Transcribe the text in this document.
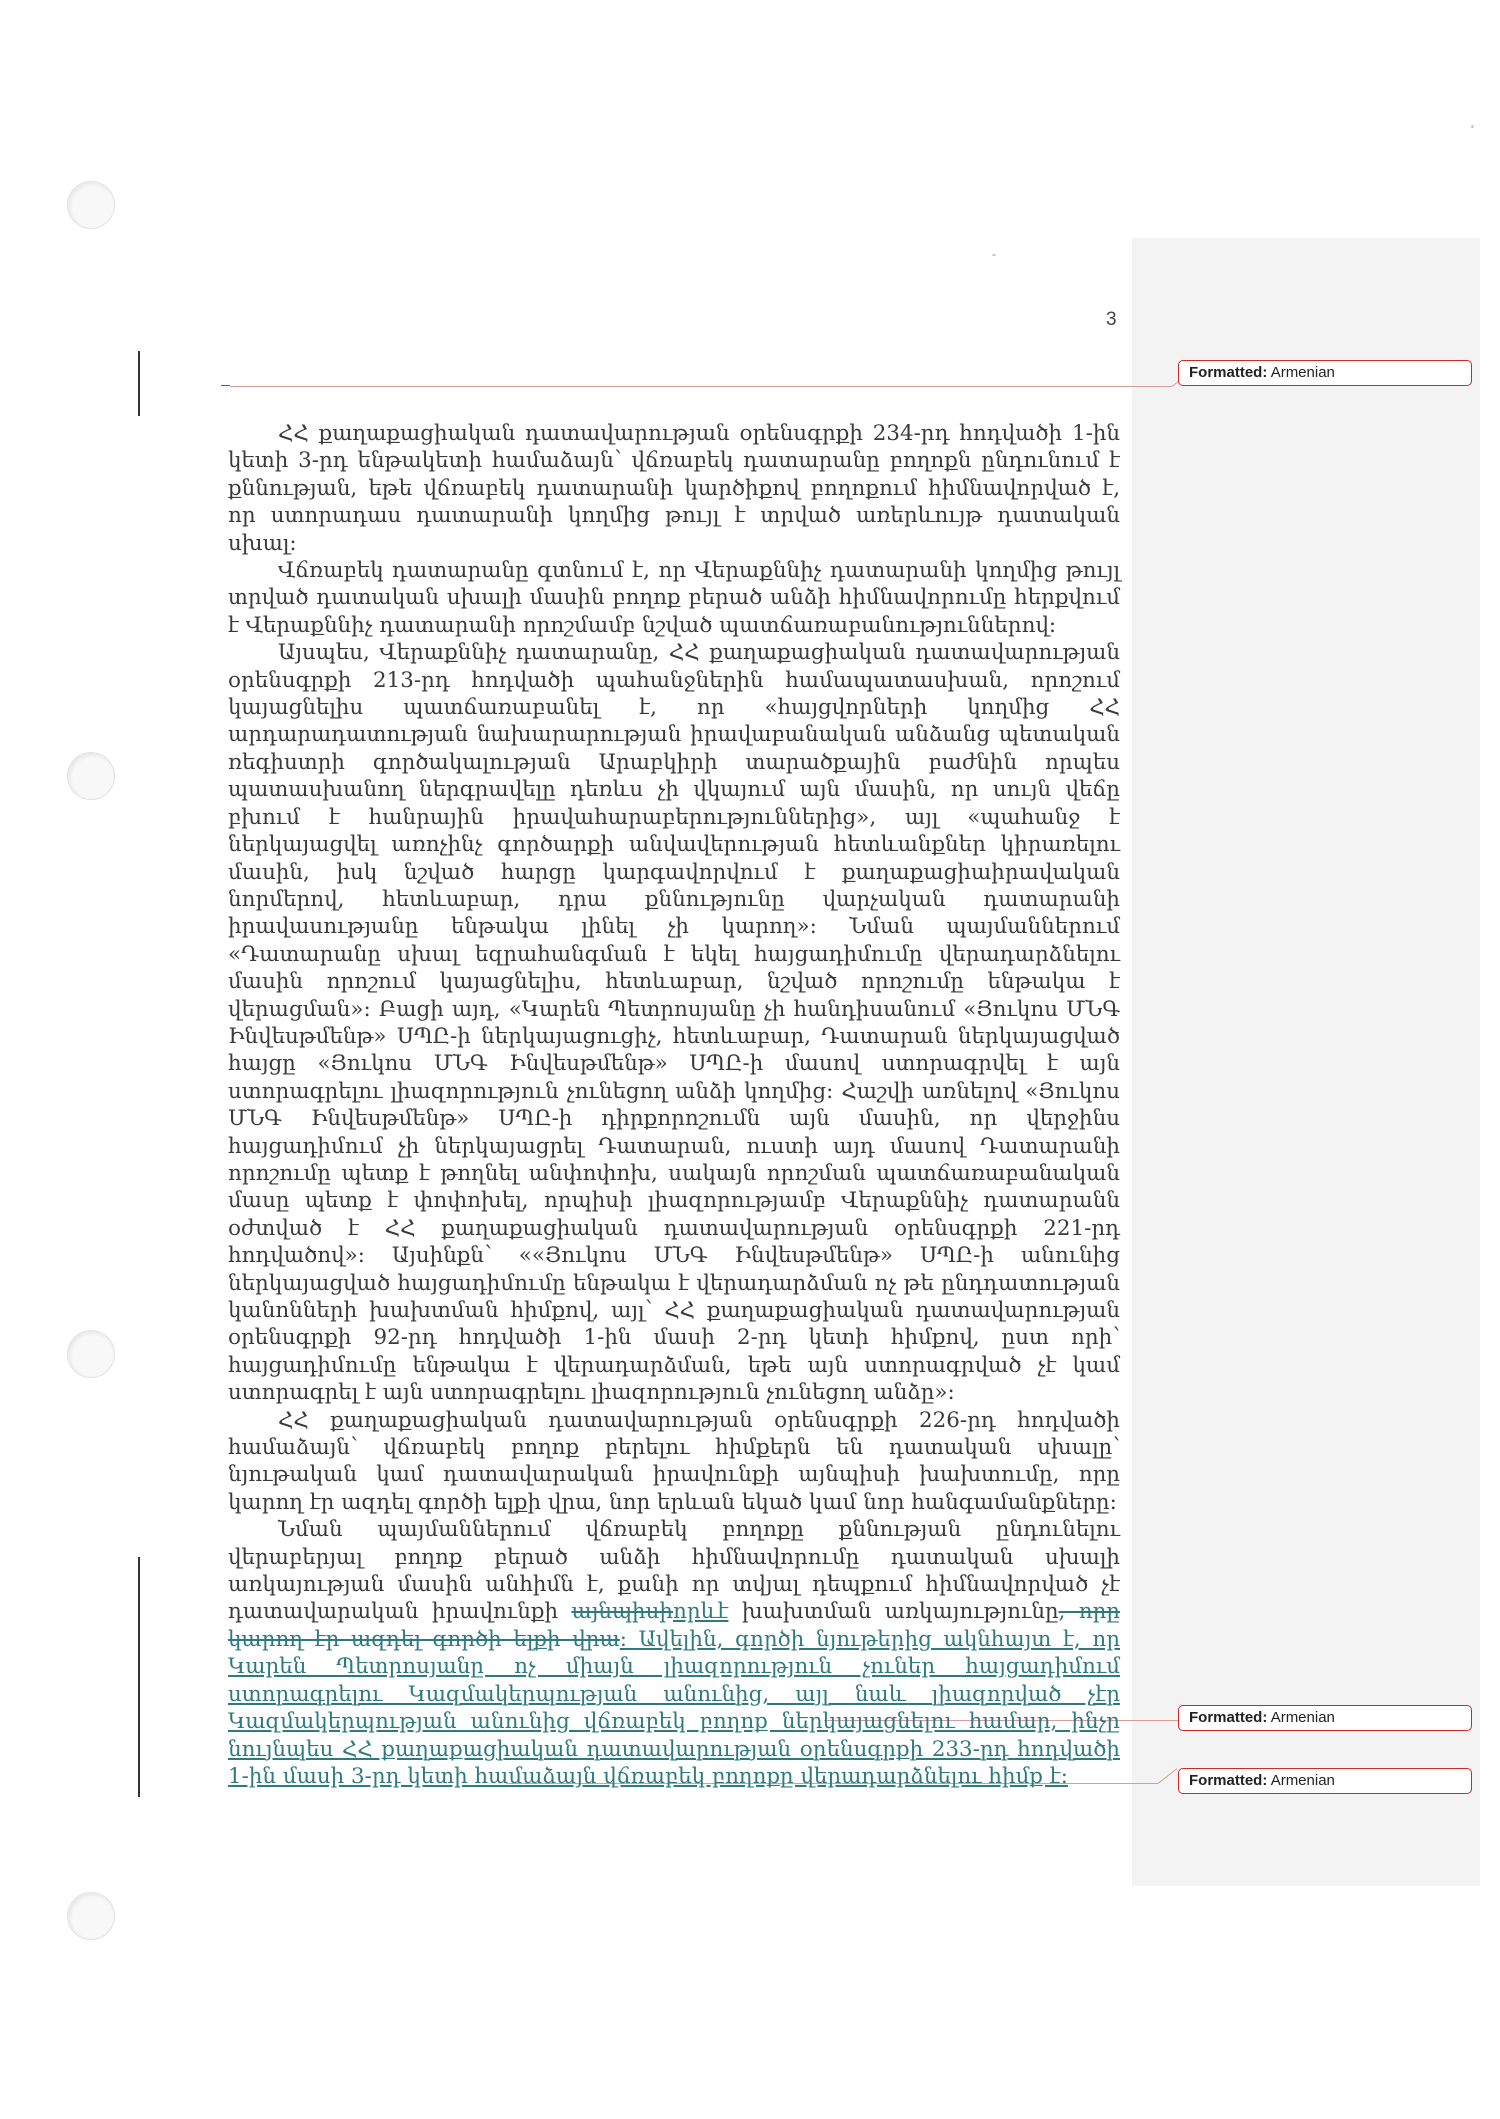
3
Formatted: Armenian
Formatted: Armenian
Formatted: Armenian

ՀՀ քաղաքացիական դատավարության օրենսգրքի 234-րդ հոդվածի 1-ին կետի 3-րդ ենթակետի համաձայն՝ վճռաբեկ դատարանը բողոքն ընդունում է քննության, եթե վճռաբեկ դատարանի կարծիքով բողոքում հիմնավորված է, որ ստորադաս դատարանի կողմից թույլ է տրված առերևույթ դատական սխալ:

Վճռաբեկ դատարանը գտնում է, որ Վերաքննիչ դատարանի կողմից թույլ տրված դատական սխալի մասին բողոք բերած անձի հիմնավորումը հերքվում է Վերաքննիչ դատարանի որոշմամբ նշված պատճառաբանություններով:

Այսպես, Վերաքննիչ դատարանը, ՀՀ քաղաքացիական դատավարության օրենսգրքի 213-րդ հոդվածի պահանջներին համապատասխան, որոշում կայացնելիս պատճառաբանել է, որ «հայցվորների կողմից ՀՀ արդարադատության նախարարության իրավաբանական անձանց պետական ռեգիստրի գործակալության Արաբկիրի տարածքային բաժնին որպես պատասխանող ներգրավելը դեռևս չի վկայում այն մասին, որ սույն վեճը բխում է հանրային իրավահարաբերություններից», այլ «պահանջ է ներկայացվել առոչինչ գործարքի անվավերության հետևանքներ կիրառելու մասին, իսկ նշված հարցը կարգավորվում է քաղաքացիաիրավական նորմերով, հետևաբար, դրա քննությունը վարչական դատարանի իրավասությանը ենթակա լինել չի կարող»: Նման պայմաններում «Դատարանը սխալ եզրահանգման է եկել հայցադիմումը վերադարձնելու մասին որոշում կայացնելիս, հետևաբար, նշված որոշումը ենթակա է վերացման»: Բացի այդ, «Կարեն Պետրոսյանը չի հանդիսանում «Յուկոս ՄՆԳ Ինվեսթմենթ» ՍՊԸ-ի ներկայացուցիչ, հետևաբար, Դատարան ներկայացված հայցը «Յուկոս ՄՆԳ Ինվեսթմենթ» ՍՊԸ-ի մասով ստորագրվել է այն ստորագրելու լիազորություն չունեցող անձի կողմից: Հաշվի առնելով «Յուկոս ՄՆԳ Ինվեսթմենթ» ՍՊԸ-ի դիրքորոշումն այն մասին, որ վերջինս հայցադիմում չի ներկայացրել Դատարան, ուստի այդ մասով Դատարանի որոշումը պետք է թողնել անփոփոխ, սակայն որոշման պատճառաբանական մասը պետք է փոփոխել, որպիսի լիազորությամբ Վերաքննիչ դատարանն օժտված է ՀՀ քաղաքացիական դատավարության օրենսգրքի 221-րդ հոդվածով»: Այսինքն՝ ««Յուկոս ՄՆԳ Ինվեսթմենթ» ՍՊԸ-ի անունից ներկայացված հայցադիմումը ենթակա է վերադարձման ոչ թե ընդդատության կանոնների խախտման հիմքով, այլ՝ ՀՀ քաղաքացիական դատավարության օրենսգրքի 92-րդ հոդվածի 1-ին մասի 2-րդ կետի հիմքով, ըստ որի՝ հայցադիմումը ենթակա է վերադարձման, եթե այն ստորագրված չէ կամ ստորագրել է այն ստորագրելու լիազորություն չունեցող անձը»:

ՀՀ քաղաքացիական դատավարության օրենսգրքի 226-րդ հոդվածի համաձայն՝ վճռաբեկ բողոք բերելու հիմքերն են դատական սխալը՝ նյութական կամ դատավարական իրավունքի այնպիսի խախտումը, որը կարող էր ազդել գործի ելքի վրա, նոր երևան եկած կամ նոր հանգամանքները:

Նման պայմաններում վճռաբեկ բողոքը քննության ընդունելու վերաբերյալ բողոք բերած անձի հիմնավորումը դատական սխալի առկայության մասին անհիմն է, քանի որ տվյալ դեպքում հիմնավորված չէ դատավարական իրավունքի այնպիսիորևէ խախտման առկայությունը, որը կարող էր ազդել գործի ելքի վրա: Ավելին, գործի նյութերից ակնհայտ է, որ Կարեն Պետրոսյանը ոչ միայն լիազորություն չուներ հայցադիմում ստորագրելու Կազմակերպության անունից, այլ նաև լիազորված չէր Կազմակերպության անունից վճռաբեկ բողոք ներկայացնելու համար, ինչը նույնպես ՀՀ քաղաքացիական դատավարության օրենսգրքի 233-րդ հոդվածի 1-ին մասի 3-րդ կետի համաձայն վճռաբեկ բողոքը վերադարձնելու հիմք է:
